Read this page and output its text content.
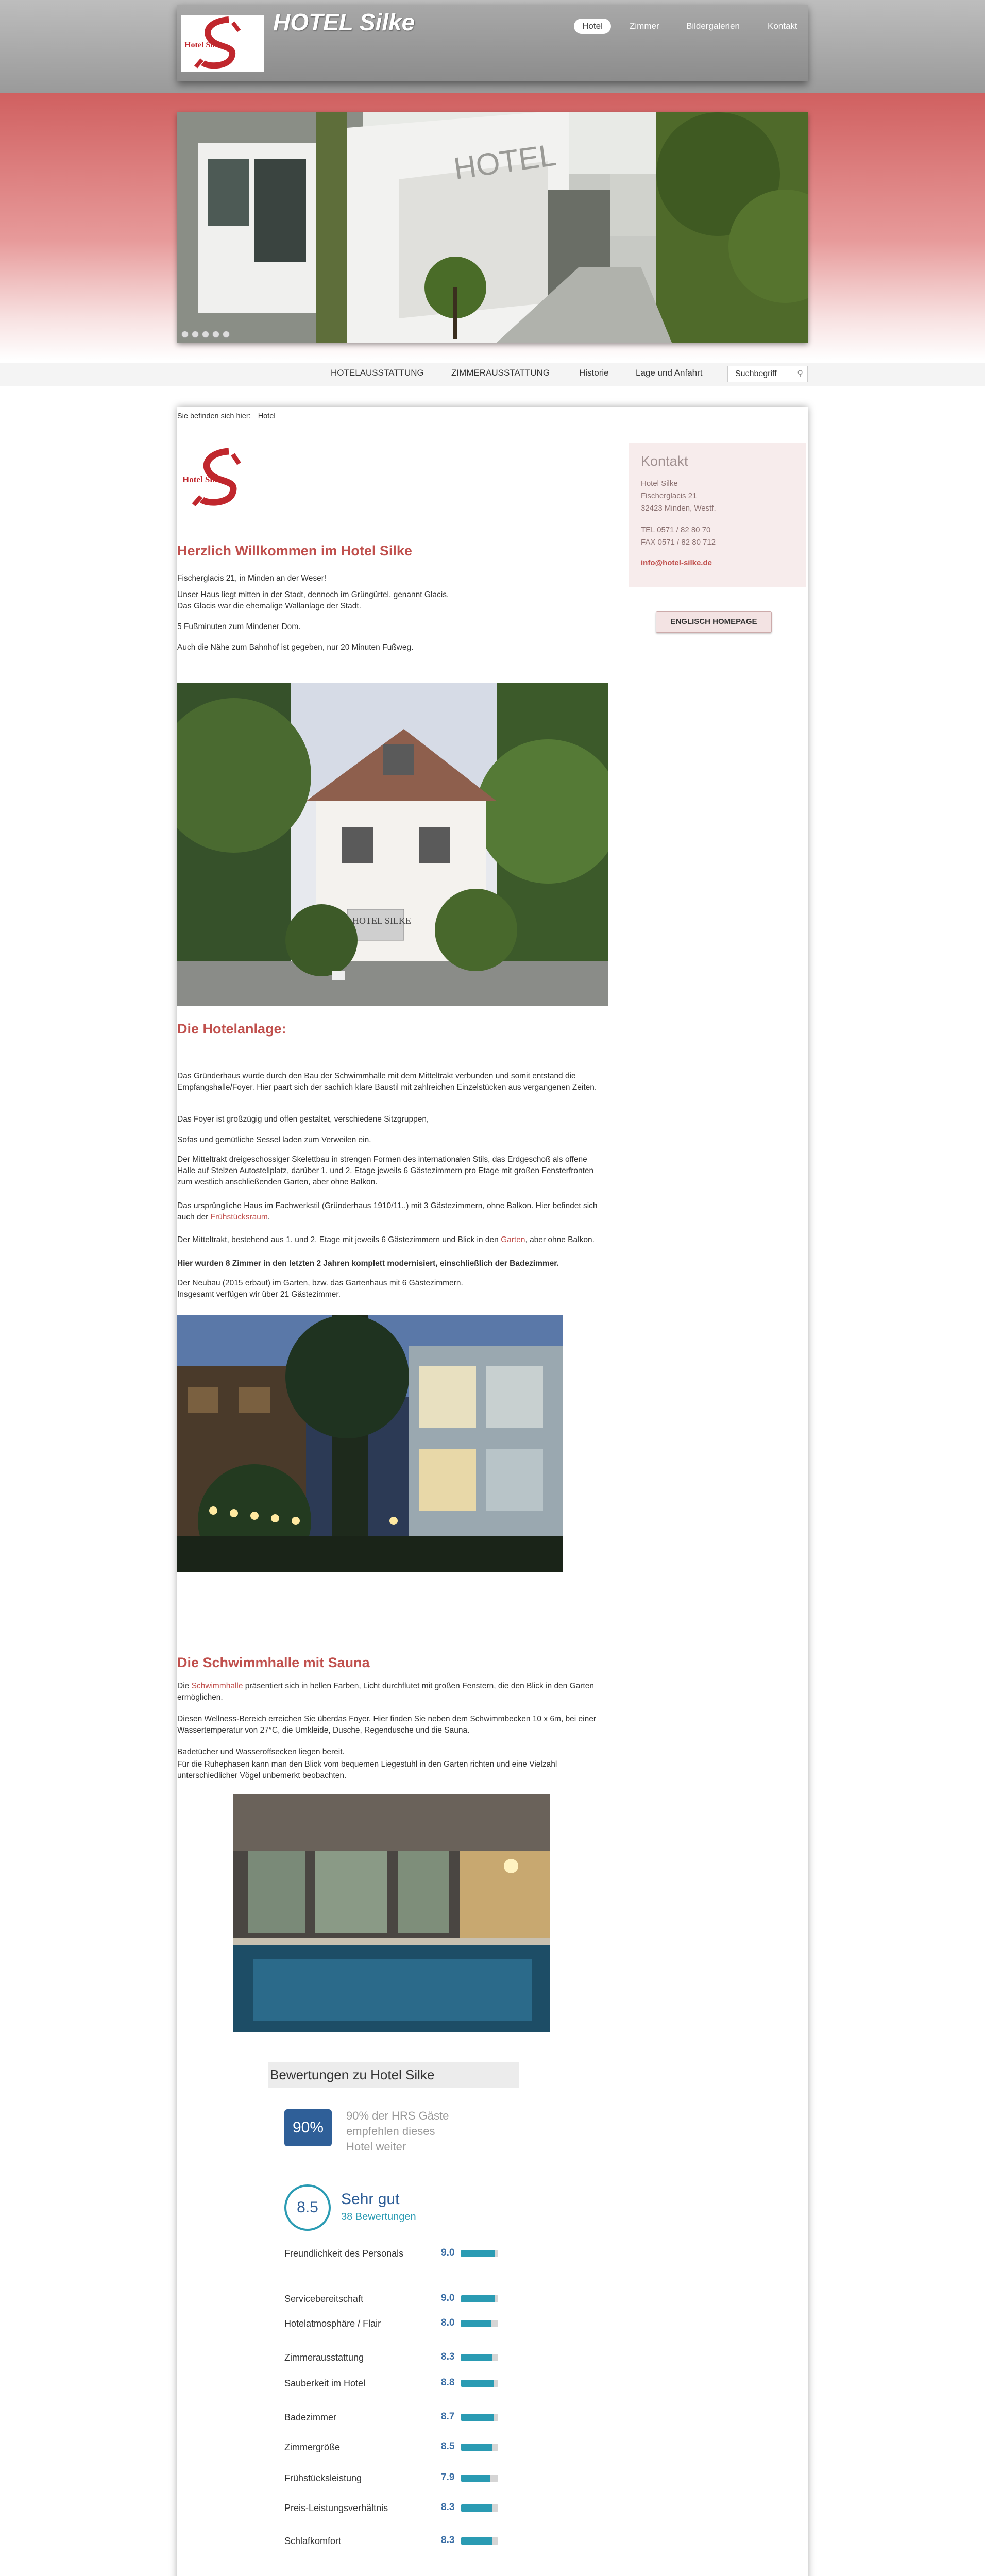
Hotel Silke
HOTEL Silke	Hotel	Zimmer	Bildergalerien	Kontakt
HOTEL
HOTELAUSSTATTUNG	ZIMMERAUSSTATTUNG	Historie	Lage und Anfahrt	Suchbegriff ⚲
Sie befinden sich hier: Hotel
Hotel Silke
Kontakt
Hotel Silke
Fischerglacis 21
32423 Minden, Westf.
TEL 0571 / 82 80 70
FAX 0571 / 82 80 712
info@hotel-silke.de
ENGLISCH HOMEPAGE
Herzlich Willkommen im Hotel Silke
Fischerglacis 21, in Minden an der Weser!
Unser Haus liegt mitten in der Stadt, dennoch im Grüngürtel, genannt Glacis.
Das Glacis war die ehemalige Wallanlage der Stadt.
5 Fußminuten zum Mindener Dom.
Auch die Nähe zum Bahnhof ist gegeben, nur 20 Minuten Fußweg.
HOTEL SILKE
Die Hotelanlage:
Das Gründerhaus wurde durch den Bau der Schwimmhalle mit dem Mitteltrakt verbunden und somit entstand die Empfangshalle/Foyer. Hier paart sich der sachlich klare Baustil mit zahlreichen Einzelstücken aus vergangenen Zeiten.
Das Foyer ist großzügig und offen gestaltet, verschiedene Sitzgruppen,
Sofas und gemütliche Sessel laden zum Verweilen ein.
Der Mitteltrakt dreigeschossiger Skelettbau in strengen Formen des internationalen Stils, das Erdgeschoß als offene Halle auf Stelzen Autostellplatz, darüber 1. und 2. Etage jeweils 6 Gästezimmern pro Etage mit großen Fensterfronten zum westlich anschließenden Garten, aber ohne Balkon.
Das ursprüngliche Haus im Fachwerkstil (Gründerhaus 1910/11..) mit 3 Gästezimmern, ohne Balkon. Hier befindet sich auch der Frühstücksraum.
Der Mitteltrakt, bestehend aus 1. und 2. Etage mit jeweils 6 Gästezimmern und Blick in den Garten, aber ohne Balkon.
Hier wurden 8 Zimmer in den letzten 2 Jahren komplett modernisiert, einschließlich der Badezimmer.
Der Neubau (2015 erbaut) im Garten, bzw. das Gartenhaus mit 6 Gästezimmern.
Insgesamt verfügen wir über 21 Gästezimmer.
Die Schwimmhalle mit Sauna
Die Schwimmhalle präsentiert sich in hellen Farben, Licht durchflutet mit großen Fenstern, die den Blick in den Garten ermöglichen.
Diesen Wellness-Bereich erreichen Sie überdas Foyer. Hier finden Sie neben dem Schwimmbecken 10 x 6m, bei einer Wassertemperatur von 27°C, die Umkleide, Dusche, Regendusche und die Sauna.
Badetücher und Wasseroffsecken liegen bereit.
Für die Ruhephasen kann man den Blick vom bequemen Liegestuhl in den Garten richten und eine Vielzahl unterschiedlicher Vögel unbemerkt beobachten.
Bewertungen zu Hotel Silke
90%
90% der HRS Gäste
empfehlen dieses
Hotel weiter
8.5	Sehr gut
38 Bewertungen
Freundlichkeit des Personals	9.0
Servicebereitschaft	9.0
Hotelatmosphäre / Flair	8.0
Zimmerausstattung	8.3
Sauberkeit im Hotel	8.8
Badezimmer	8.7
Zimmergröße	8.5
Frühstücksleistung	7.9
Preis-Leistungsverhältnis	8.3
Schlafkomfort	8.3
